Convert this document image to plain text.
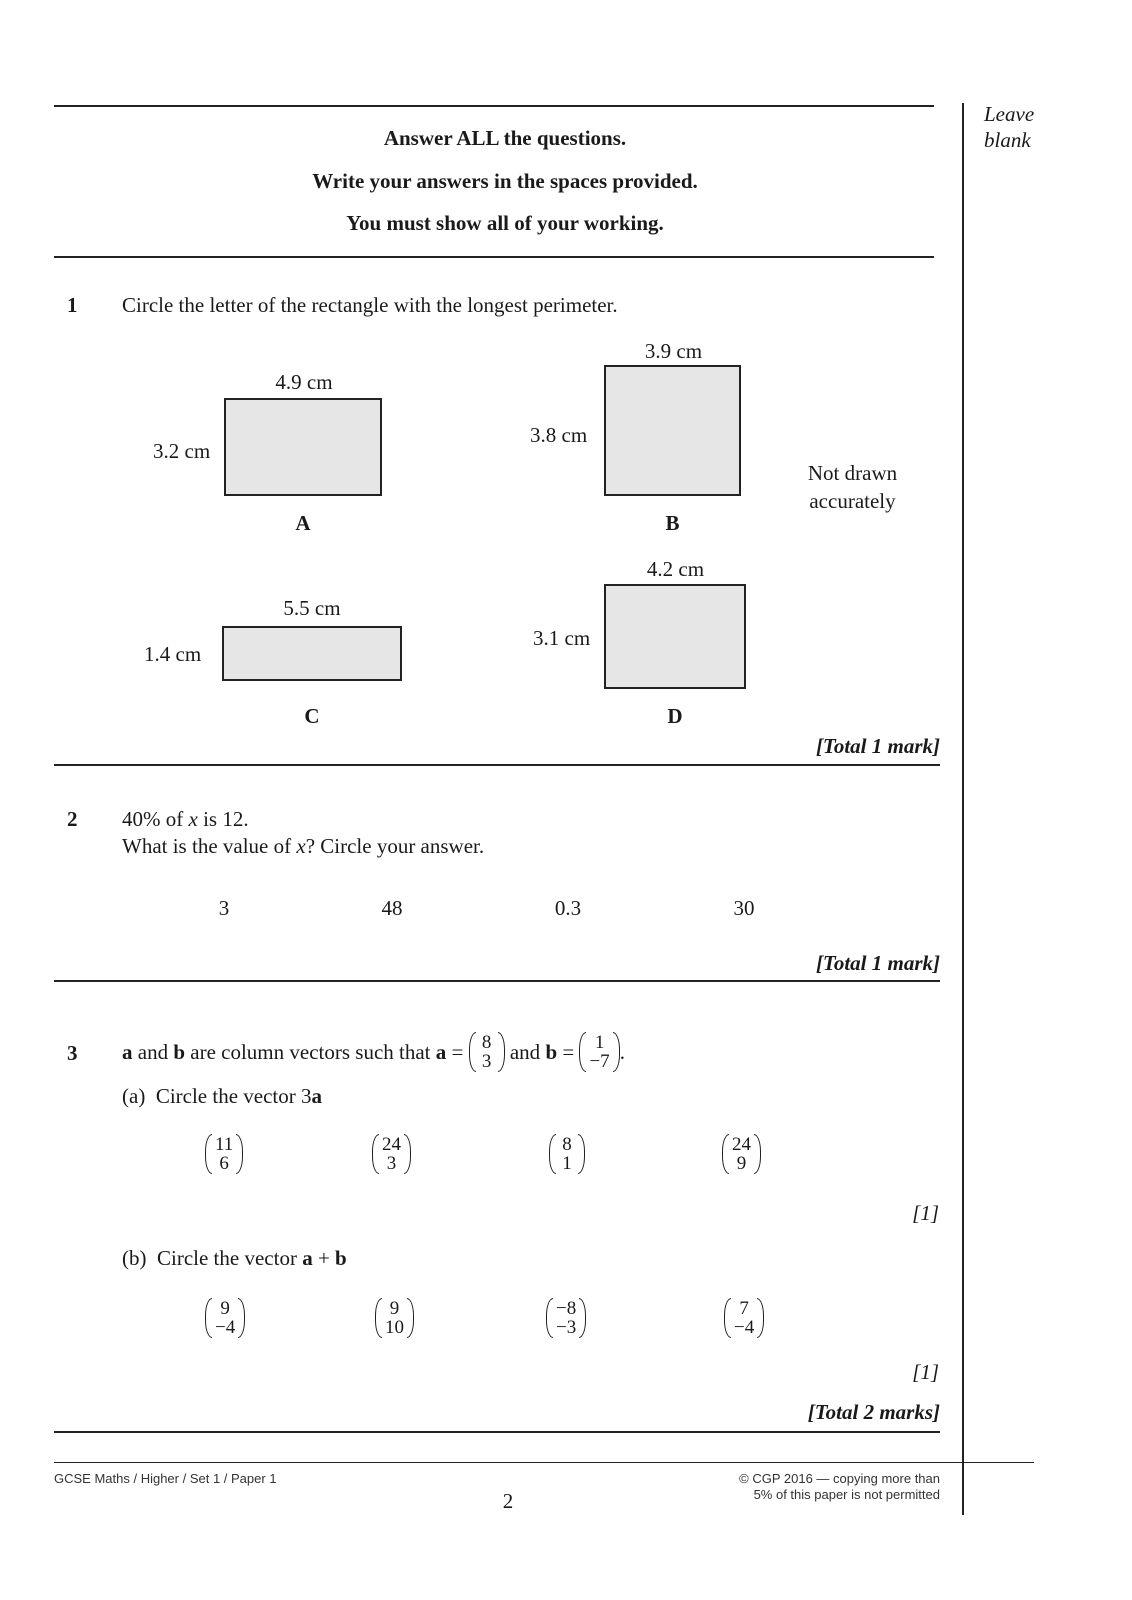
Leave
blank
Answer ALL the questions.
Write your answers in the spaces provided.
You must show all of your working.
1 Circle the letter of the rectangle with the longest perimeter.
4.9 cm
3.2 cm
A
3.9 cm
3.8 cm
B
Not drawn
accurately
5.5 cm
1.4 cm
C
4.2 cm
3.1 cm
D
[Total 1 mark]
2 40% of x is 12.
What is the value of x? Circle your answer.
3	48	0.3	30
[Total 1 mark]
3 a and b are column vectors such that a = 8
3 and b = 1
−7 .
(a) Circle the vector 3a
11
6
24
3
8
1
24
9
[1]
(b) Circle the vector a + b
9
−4
9
10
−8
−3
7
−4
[1]
[Total 2 marks]
GCSE Maths / Higher / Set 1 / Paper 1
2
© CGP 2016 — copying more than
5% of this paper is not permitted
